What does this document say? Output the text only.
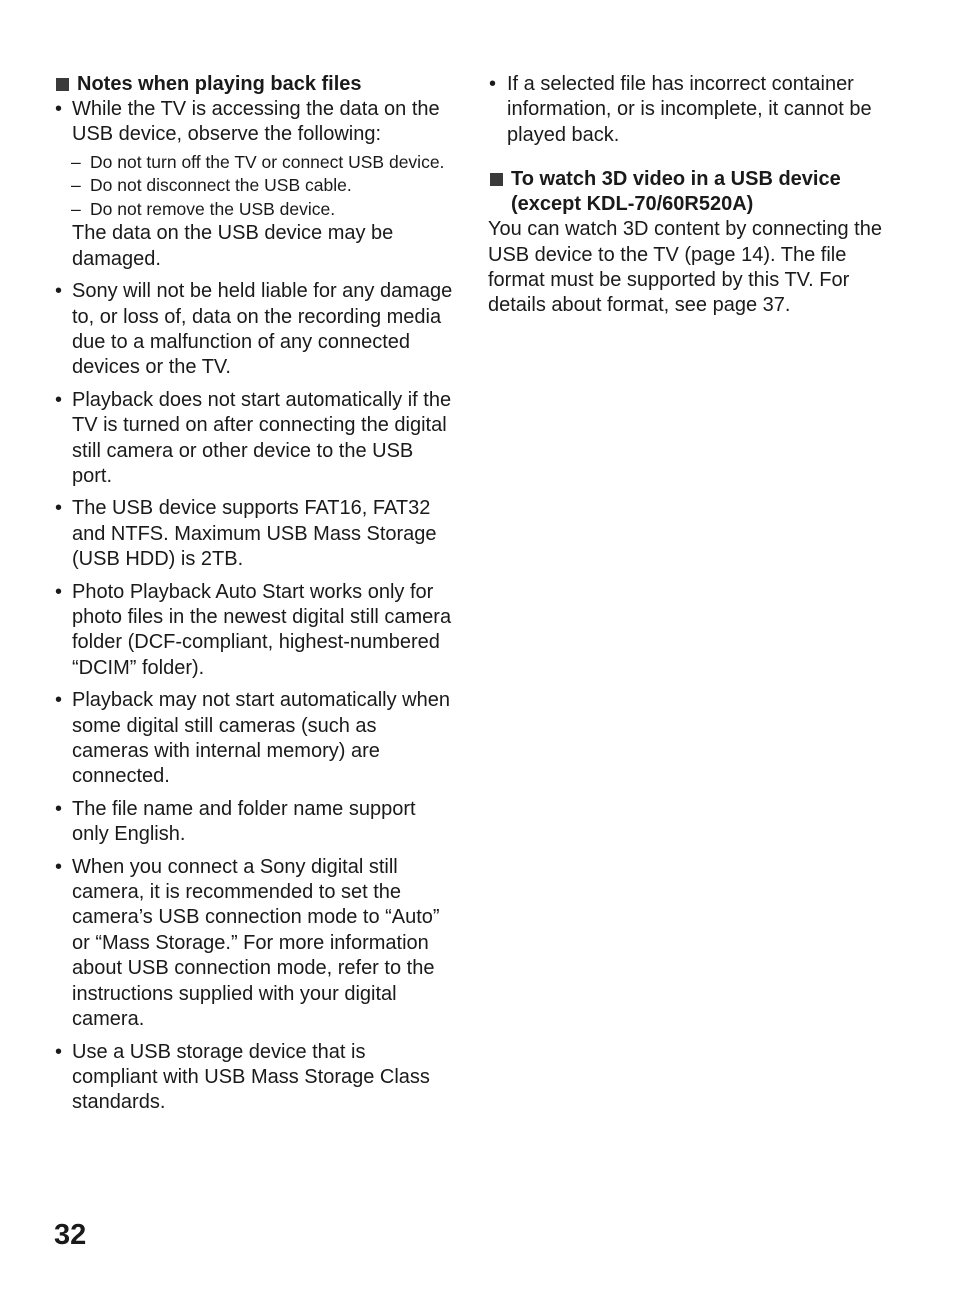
Notes when playing back files

• While the TV is accessing the data on the USB device, observe the following:

– Do not turn off the TV or connect USB device.

– Do not disconnect the USB cable.

– Do not remove the USB device.

The data on the USB device may be damaged.

• Sony will not be held liable for any damage to, or loss of, data on the recording media due to a malfunction of any connected devices or the TV.
• Playback does not start automatically if the TV is turned on after connecting the digital still camera or other device to the USB port.
• The USB device supports FAT16, FAT32 and NTFS. Maximum USB Mass Storage (USB HDD) is 2TB.
• Photo Playback Auto Start works only for photo files in the newest digital still camera folder (DCF-compliant, highest-numbered “DCIM” folder).
• Playback may not start automatically when some digital still cameras (such as cameras with internal memory) are connected.
• The file name and folder name support only English.
• When you connect a Sony digital still camera, it is recommended to set the camera’s USB connection mode to “Auto” or “Mass Storage.” For more information about USB connection mode, refer to the instructions supplied with your digital camera.
• Use a USB storage device that is compliant with USB Mass Storage Class standards.
• If a selected file has incorrect container information, or is incomplete, it cannot be played back.

To watch 3D video in a USB device
(except KDL-70/60R520A)

You can watch 3D content by connecting the USB device to the TV (page 14). The file format must be supported by this TV. For details about format, see page 37.

32
